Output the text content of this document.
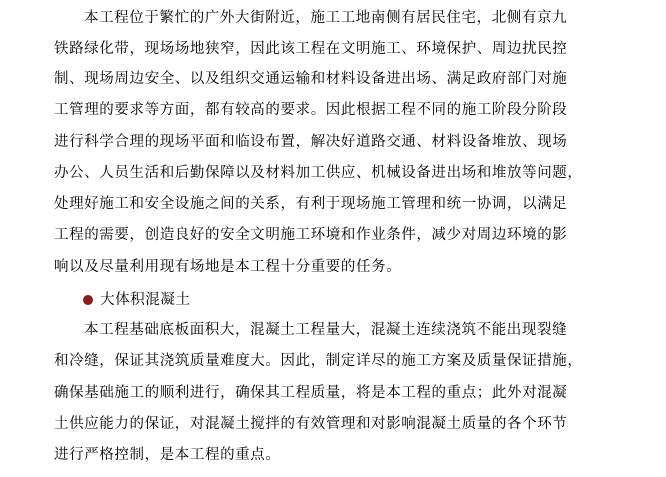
本工程位于繁忙的广外大街附近，施工工地南侧有居民住宅，北侧有京九
铁路绿化带，现场场地狭窄，因此该工程在文明施工、环境保护、周边扰民控
制、现场周边安全、以及组织交通运输和材料设备进出场、满足政府部门对施
工管理的要求等方面，都有较高的要求。因此根据工程不同的施工阶段分阶段
进行科学合理的现场平面和临设布置，解决好道路交通、材料设备堆放、现场
办公、人员生活和后勤保障以及材料加工供应、机械设备进出场和堆放等问题，
处理好施工和安全设施之间的关系，有利于现场施工管理和统一协调，以满足
工程的需要，创造良好的安全文明施工环境和作业条件，减少对周边环境的影
响以及尽量利用现有场地是本工程十分重要的任务。
大体积混凝土
本工程基础底板面积大，混凝土工程量大，混凝土连续浇筑不能出现裂缝
和冷缝，保证其浇筑质量难度大。因此，制定详尽的施工方案及质量保证措施，
确保基础施工的顺利进行，确保其工程质量，将是本工程的重点；此外对混凝
土供应能力的保证，对混凝土搅拌的有效管理和对影响混凝土质量的各个环节
进行严格控制，是本工程的重点。
